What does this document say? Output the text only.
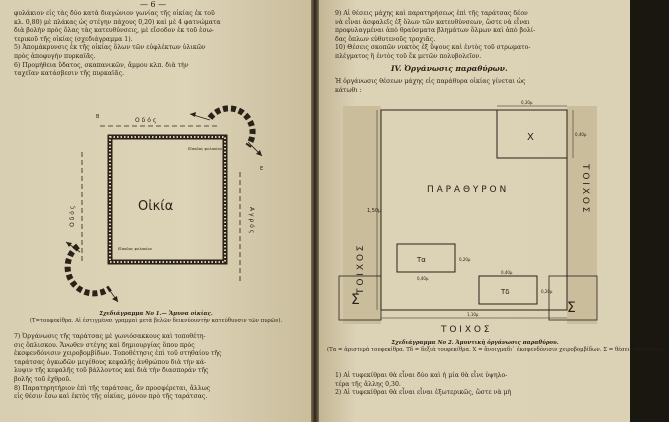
— 6 —
φυλάκιον εἰς τὰς δύο κατὰ διαγώνιον γωνίας τῆς οἰκίας ἐκ τοῦ
κλ. 0,80) μὲ πλάκας ὡς στέγην πάχους 0,20) καὶ μὲ 4 φατνώματα
διὰ βολὴν πρὸς ὅλας τὰς κατευθύνσεις, μὲ εἴσοδον ἐκ τοῦ ἐσω-
τερικοῦ τῆς οἰκίας (σχεδιάγραμμα 1).
5) Ἀπομάκρυνσις ἐκ τῆς οἰκίας ὅλων τῶν εὐφλέκτων ὑλικῶν
πρὸς ἀποφυγὴν πυρκαϊᾶς.
6) Προμήθεια ὕδατος, σκαπανικῶν, ἄμμου κλπ. διὰ τὴν
ταχεῖαν κατάσβεσιν τῆς πυρκαϊᾶς.
Οἰκία
Ο δ ό ς
Α γ ρ ό ς
Ο δ ό ς
Εἴσοδος φυλακίου
Εἴσοδος φυλακίου
Α
Β
Ε
Σχεδιάγραμμα Νο 1.— Ἄμυνα οἰκίας.
(Τ=τουφεκίθρα. Αἱ ἐστιγμέναι γραμμαὶ μετὰ βελῶν δεικνύουντὴν κατεύθυνσιν τῶν πυρῶν).
7) Ὀργάνωσις τῆς ταράτσας μὲ γωνιόσακκους καὶ τοποθέτη-
σις ὅπλισκου. Ἄνωθεν στέγης καὶ δημιουργίας ὅπου πρὸς
ἐκσφενδόνισιν χειροβομβίδων. Τοποθέτησις ἐπὶ τοῦ στηθαίου τῆς
ταράτσας ὀγκωδῶν μεγέθους κεφαλῆς ἀνθρώπου διὰ τὴν κά-
λυψιν τῆς κεφαλῆς τοῦ βάλλοντος καὶ διὰ τὴν διασποράν τῆς
βολῆς τοῦ ἐχθροῦ.
8) Παρατηρητήριον ἐπὶ τῆς ταράτσας, ἂν προσφέρεται, ἄλλως
εἰς θέσιν ἔσω καὶ ἐκτὸς τῆς οἰκίας, μόνον πρὸ τῆς ταράτσας.
9) Αἱ θέσεις μάχης καὶ παρατηρήσεως ἐπὶ τῆς ταράτσας δέον
νὰ εἶναι ἀσφαλεῖς ἐξ ὅλων τῶν κατευθύνσεων, ὥστε νὰ εἶναι
προφυλαγμέναι ἀπὸ θραύσματα βλημάτων ὅλμων καὶ ἀπὸ βολί-
δας ὅπλων εὐθυτενοῦς τροχιᾶς.
10) Θέσεις σκοπῶν νυκτὸς ἐξ ὕψους καὶ ἐντὸς τοῦ στρωματο-
πλέγματος ἢ ἐντὸς τοῦ ἔκ μετῶν πολυβολεῖον.
IV. Ὀργάνωσις παραθύρων.
Ἡ ὀργάνωσις θέσεων μάχης εἰς παράθυρα οἰκίας γίνεται ὡς
κάτωθι :
Π Α Ρ Α Θ Υ Ρ Ο Ν
Τ Ο Ι Χ Ο Σ
Τ Ο Ι Χ Ο Σ
Τ Ο Ι Χ Ο Σ
Χ
Τα
Τδ
Σ	Σ
0,30μ
0,40μ
1,50μ
1,10μ
0,40μ
0,20μ
0,40μ
0,20μ
Σχεδιάγραμμα Νο 2. Ἀμυντικὴ ὀργάνωσις παραθύρου.
(Τα = ἀριστερὰ τουφεκίθρα. Τδ = δεξιὰ τουφεκίθρα. Χ = ἄνοιγμαδι᾽ ἐκσφενδόνισιν χειροβομβίδων. Σ = θέσεις σκοπευτῶν).
1) Αἱ τυφεκίθραι θὰ εἶναι δύο καὶ ἡ μία θὰ εἶνε ὑψηλο-
τέρα τῆς ἄλλης 0,30.
2) Αἱ τυφεκίθραι θὰ εἶναι εἶναι ἐξωτερικῶς, ὥστε νὰ μὴ
